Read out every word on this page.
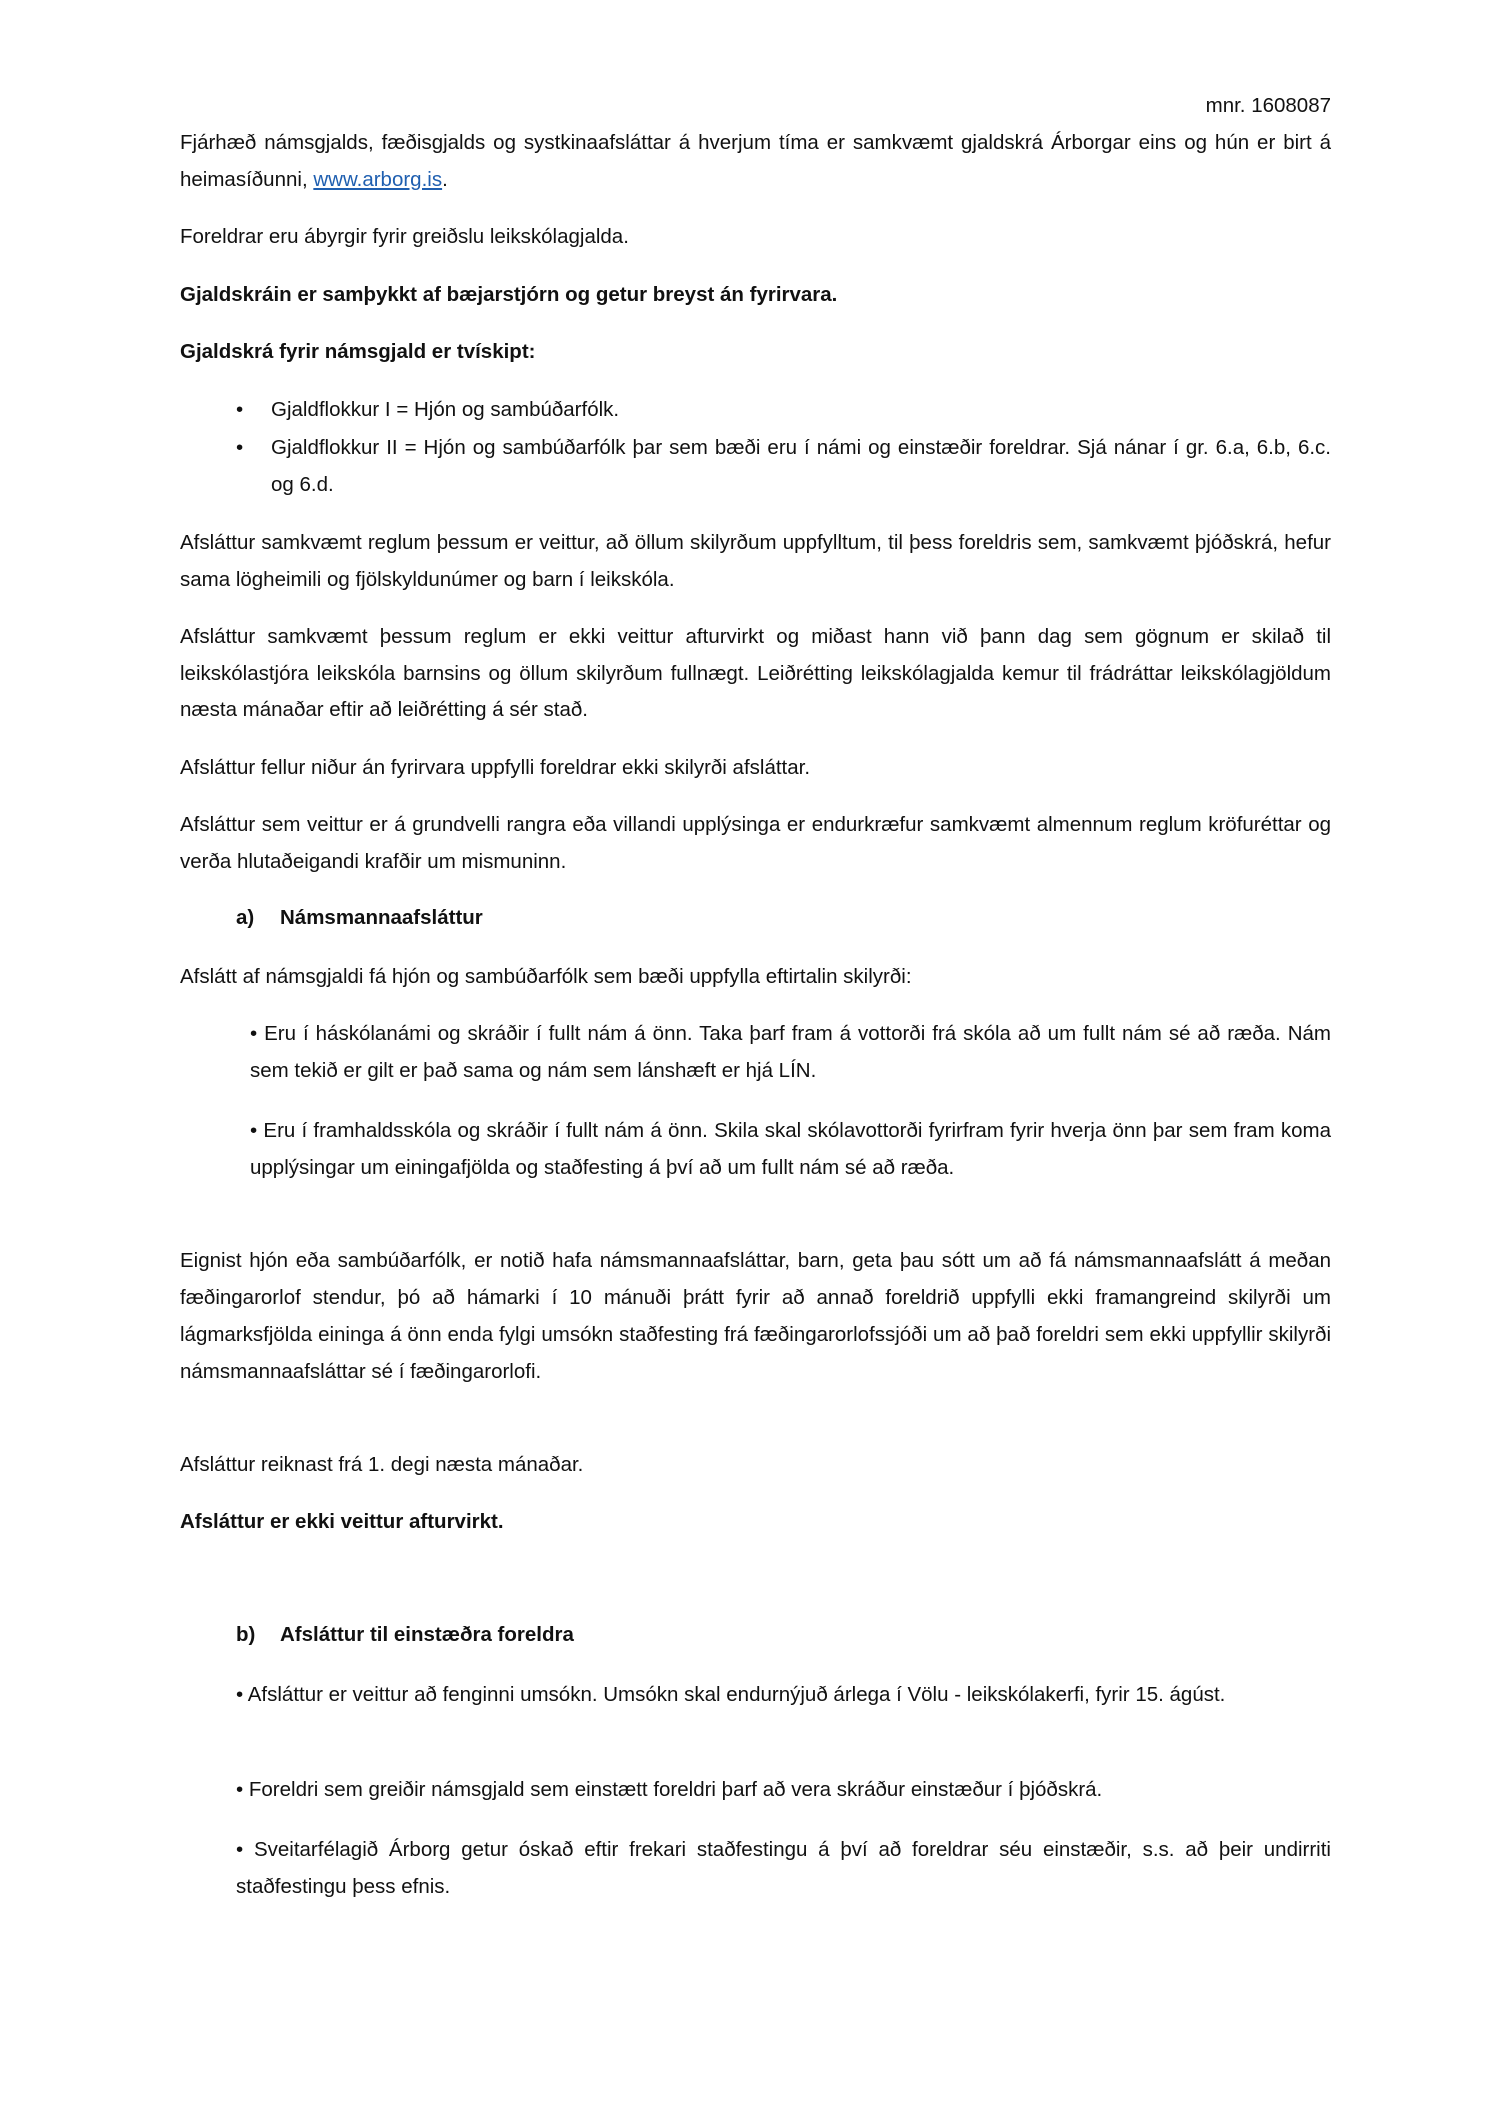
mnr. 1608087
Fjárhæð námsgjalds, fæðisgjalds og systkinaafsláttar á hverjum tíma er samkvæmt gjaldskrá Árborgar eins og hún er birt á heimasíðunni, www.arborg.is.
Foreldrar eru ábyrgir fyrir greiðslu leikskólagjalda.
Gjaldskráin er samþykkt af bæjarstjórn og getur breyst án fyrirvara.
Gjaldskrá fyrir námsgjald er tvískipt:
• Gjaldflokkur I = Hjón og sambúðarfólk.
• Gjaldflokkur II = Hjón og sambúðarfólk þar sem bæði eru í námi og einstæðir foreldrar. Sjá nánar í gr. 6.a, 6.b, 6.c. og 6.d.
Afsláttur samkvæmt reglum þessum er veittur, að öllum skilyrðum uppfylltum, til þess foreldris sem, samkvæmt þjóðskrá, hefur sama lögheimili og fjölskyldunúmer og barn í leikskóla.
Afsláttur samkvæmt þessum reglum er ekki veittur afturvirkt og miðast hann við þann dag sem gögnum er skilað til leikskólastjóra leikskóla barnsins og öllum skilyrðum fullnægt. Leiðrétting leikskólagjalda kemur til frádráttar leikskólagjöldum næsta mánaðar eftir að leiðrétting á sér stað.
Afsláttur fellur niður án fyrirvara uppfylli foreldrar ekki skilyrði afsláttar.
Afsláttur sem veittur er á grundvelli rangra eða villandi upplýsinga er endurkræfur samkvæmt almennum reglum kröfuréttar og verða hlutaðeigandi krafðir um mismuninn.
a) Námsmannaafsláttur
Afslátt af námsgjaldi fá hjón og sambúðarfólk sem bæði uppfylla eftirtalin skilyrði:
• Eru í háskólanámi og skráðir í fullt nám á önn. Taka þarf fram á vottorði frá skóla að um fullt nám sé að ræða. Nám sem tekið er gilt er það sama og nám sem lánshæft er hjá LÍN.
• Eru í framhaldsskóla og skráðir í fullt nám á önn. Skila skal skólavottorði fyrirfram fyrir hverja önn þar sem fram koma upplýsingar um einingafjölda og staðfesting á því að um fullt nám sé að ræða.
Eignist hjón eða sambúðarfólk, er notið hafa námsmannaafsláttar, barn, geta þau sótt um að fá námsmannaafslátt á meðan fæðingarorlof stendur, þó að hámarki í 10 mánuði þrátt fyrir að annað foreldrið uppfylli ekki framangreind skilyrði um lágmarksfjölda eininga á önn enda fylgi umsókn staðfesting frá fæðingarorlofssjóði um að það foreldri sem ekki uppfyllir skilyrði námsmannaafsláttar sé í fæðingarorlofi.
Afsláttur reiknast frá 1. degi næsta mánaðar.
Afsláttur er ekki veittur afturvirkt.
b) Afsláttur til einstæðra foreldra
• Afsláttur er veittur að fenginni umsókn. Umsókn skal endurnýjuð árlega í Völu - leikskólakerfi, fyrir 15. ágúst.
• Foreldri sem greiðir námsgjald sem einstætt foreldri þarf að vera skráður einstæður í þjóðskrá.
• Sveitarfélagið Árborg getur óskað eftir frekari staðfestingu á því að foreldrar séu einstæðir, s.s. að þeir undirriti staðfestingu þess efnis.
